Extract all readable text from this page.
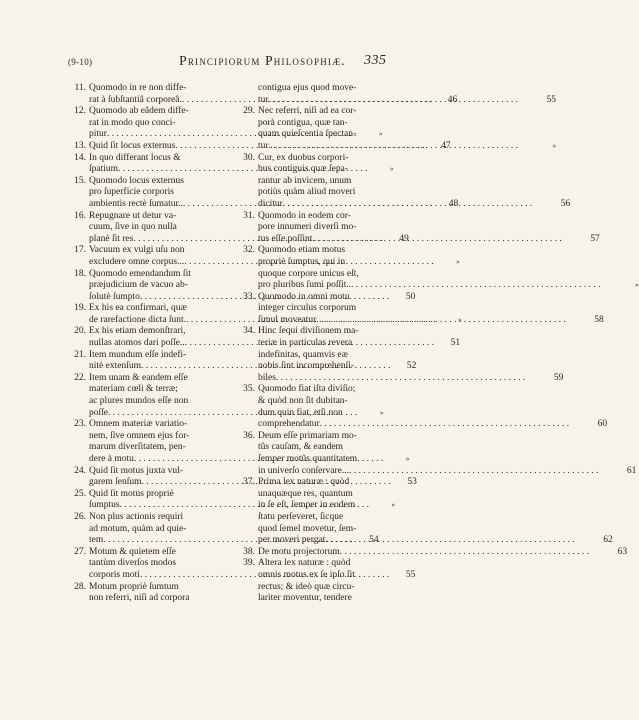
(9-10)	Principiorum Philosophiæ.	335
11. Quomodo in re non diffe-
rat à ſubſtantiâ corporeâ. . . .	46
12. Quomodo ab eâdem diffe-
rat in modo quo conci-
pitur . . .	»
13. Quid ſit locus externus . . .	47
14. In quo differant locus &
ſpatium . . .	»
15. Quomodo locus externus
pro ſuperficie corporis
ambientis rectè ſumatur.. . . .	48
16. Repugnare ut detur va-
cuum, ſive in quo nulla
planè ſit res . . .	49
17. Vacuum ex vulgi uſu non
excludere omne corpus... . . .	»
18. Quomodo emendandum ſit
præjudicium de vacuo ab-
ſolutè ſumpto . . .	50
19. Ex his ea confirmari, quæ
de rarefactione dicta ſunt. . . .	»
20. Ex his etiam demonſtrari,
nullas atomos dari poſſe.. . . .	51
21. Item mundum eſſe indefi-
nitè extenſum . . .	52
22. Item unam & eandem eſſe
materiam cœli & terræ;
ac plures mundos eſſe non
poſſe . . .	»
23. Omnem materiæ variatio-
nem, ſive omnem ejus for-
marum diverſitatem, pen-
dere à motu . . .	»
24. Quid ſit motus juxta vul-
garem ſenſum . . .	53
25. Quid ſit motus propriè
ſumptus . . .	»
26. Non plus actionis requiri
ad motum, quàm ad quie-
tem . . .	54
27. Motum & quietem eſſe
tantùm diverſos modos
corporis moti . . .	55
28. Motum propriè ſumtum
non referri, niſi ad corpora
contigua ejus quod move-
tur . . .	55
29. Nec referri, niſi ad ea cor-
porà contigua, quæ tan-
quam quieſcentia ſpectan-
tur . . .	»
30. Cur, ex duobus corpori-
bus contiguis quæ ſepa-
rantur ab invicem, unum
potiùs quàm aliud moveri
dicitur . . .	56
31. Quomodo in eodem cor-
pore innumeri diverſi mo-
tus eſſe poſſint . . .	57
32. Quomodo etiam motus
propriè ſumptus, qui in
quoque corpore unicus eſt,
pro pluribus ſumi poſſit.. . . .	»
33. Quomodo in omni motu
integer circulus corporum
ſimul moveatur . . .	58
34. Hinc ſequi diviſionem ma-
teriæ in particulas revera
indefinitas, quamvis eæ
nobis ſint incomprehenſi-
biles . . .	59
35. Quomodo fiat iſta diviſio;
& quòd non ſit dubitan-
dum quin fiat, etſi non
comprehendatur . . .	60
36. Deum eſſe primariam mo-
tûs cauſam, & eandem
ſemper motûs quantitatem
in univerſo conſervare... . . .	61
37. Prima lex naturæ : quòd
unaquæque res, quantum
in ſe eſt, ſemper in eodem
ſtatu perſeveret, ſicque
quod ſemel movetur, ſem-
per moveri pergat . . .	62
38. De motu projectorum . . .	63
39. Altera lex naturæ : quòd
omnis motus ex ſe ipſo ſit
rectus; & ideò quæ circu-
lariter moventur, tendere
